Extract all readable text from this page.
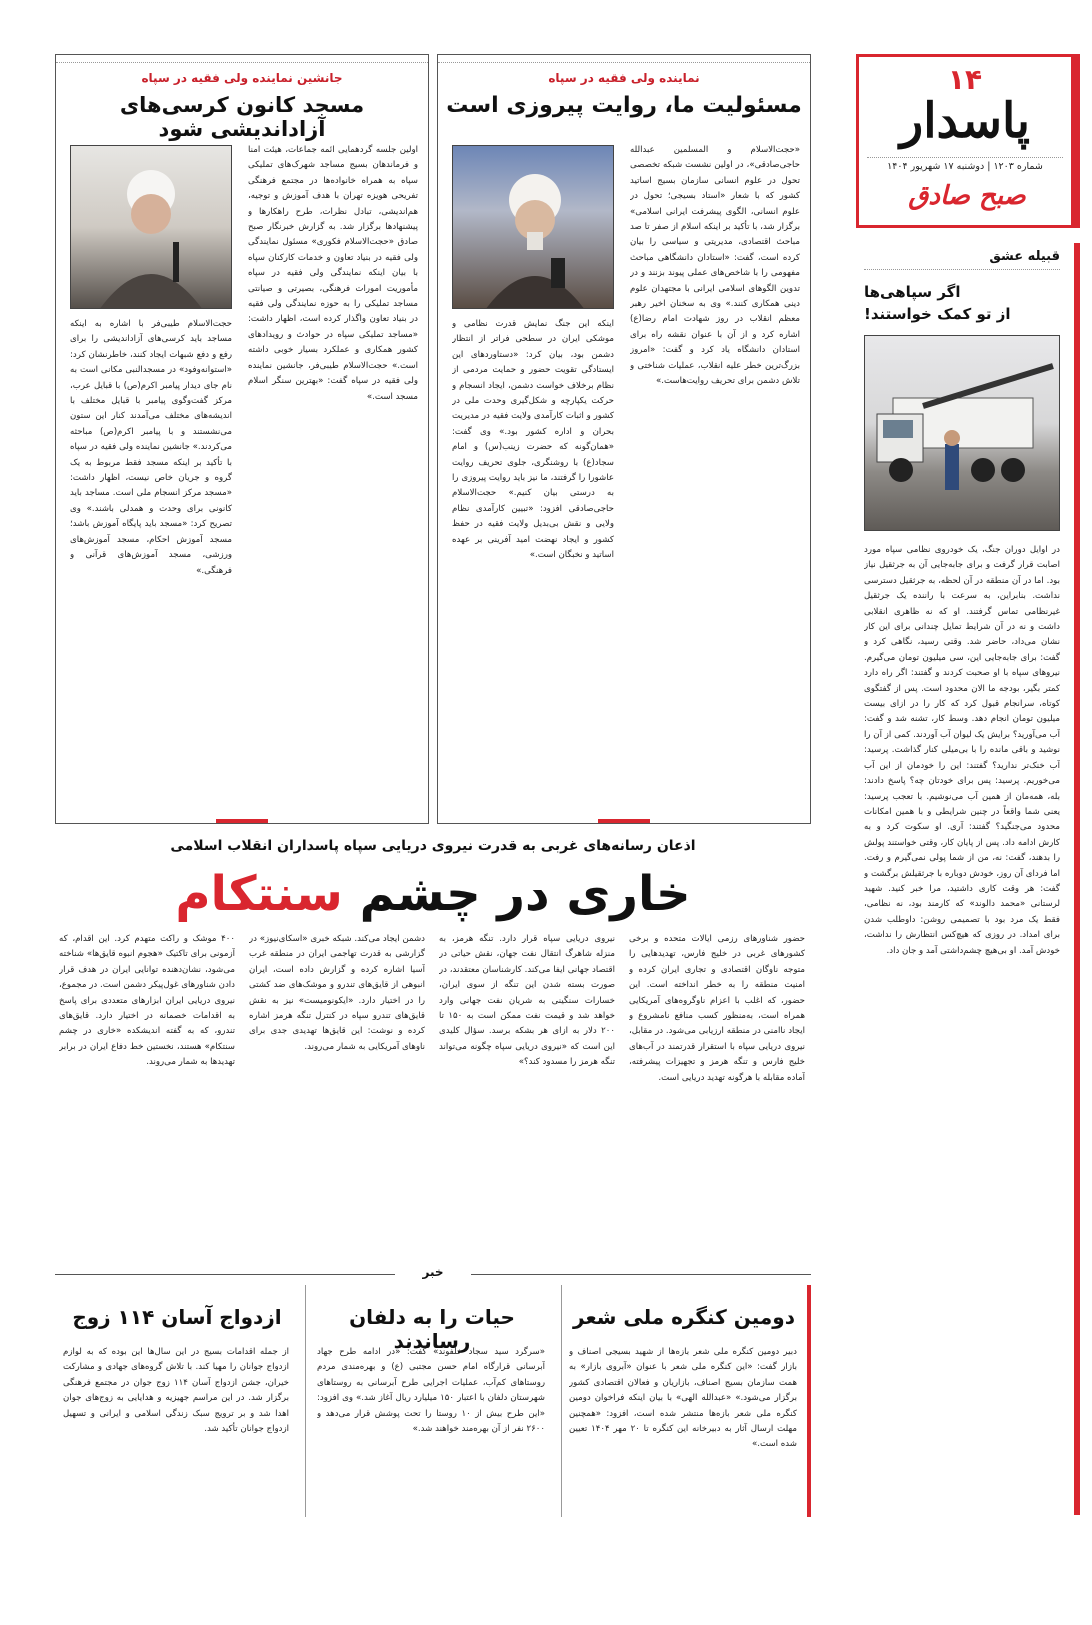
۱۴
پاسدار
شماره ۱۲۰۳ | دوشنبه ۱۷ شهریور ۱۴۰۴
صبح صادق
قبیله عشق
اگر سپاهی‌ها
از تو کمک خواستند!
در اوایل دوران جنگ، یک خودروی نظامی سپاه مورد اصابت قرار گرفت و برای جابه‌جایی آن به جرثقیل نیاز بود. اما در آن منطقه در آن لحظه، به جرثقیل دسترسی نداشت. بنابراین، به سرعت با راننده یک جرثقیل غیرنظامی تماس گرفتند. او که نه ظاهری انقلابی داشت و نه در آن شرایط تمایل چندانی برای این کار نشان می‌داد، حاضر شد. وقتی رسید، نگاهی کرد و گفت: برای جابه‌جایی این، سی میلیون تومان می‌گیرم. نیروهای سپاه با او صحبت کردند و گفتند: اگر راه دارد کمتر بگیر، بودجه ما الان محدود است. پس از گفتگوی کوتاه، سرانجام قبول کرد که کار را در ازای بیست میلیون تومان انجام دهد. وسط کار، تشنه شد و گفت: آب می‌آورید؟ برایش یک لیوان آب آوردند. کمی از آن را نوشید و باقی مانده را با بی‌میلی کنار گذاشت. پرسید: آب خنک‌تر ندارید؟ گفتند: این را خودمان از این آب می‌خوریم. پرسید: پس برای خودتان چه؟ پاسخ دادند: بله، همه‌مان از همین آب می‌نوشیم. با تعجب پرسید: یعنی شما واقعاً در چنین شرایطی و با همین امکانات محدود می‌جنگید؟ گفتند: آری. او سکوت کرد و به کارش ادامه داد. پس از پایان کار، وقتی خواستند پولش را بدهند، گفت: نه، من از شما پولی نمی‌گیرم و رفت. اما فردای آن روز، خودش دوباره با جرثقیلش برگشت و گفت: هر وقت کاری داشتید، مرا خبر کنید. شهید لرستانی «محمد دالوند» که کارمند بود، نه نظامی، فقط یک مرد بود با تصمیمی روشن: داوطلب شدن برای امداد. در روزی که هیچ‌کس انتظارش را نداشت، خودش آمد. او بی‌هیچ چشم‌داشتی آمد و جان داد.
نماینده ولی فقیه در سپاه
مسئولیت ما، روایت پیروزی است
«حجت‌الاسلام و المسلمین عبدالله حاجی‌صادقی»، در اولین نشست شبکه تخصصی تحول در علوم انسانی سازمان بسیج اساتید کشور که با شعار «استاد بسیجی؛ تحول در علوم انسانی، الگوی پیشرفت ایرانی اسلامی» برگزار شد، با تأکید بر اینکه اسلام از صفر تا صد مباحث اقتصادی، مدیریتی و سیاسی را بیان کرده است، گفت: «استادان دانشگاهی مباحث مفهومی را با شاخص‌های عملی پیوند بزنند و در تدوین الگوهای اسلامی ایرانی با مجتهدان علوم دینی همکاری کنند.» وی به سخنان اخیر رهبر معظم انقلاب در روز شهادت امام رضا(ع) اشاره کرد و از آن با عنوان نقشه راه برای استادان دانشگاه یاد کرد و گفت: «امروز بزرگ‌ترین خطر علیه انقلاب، عملیات شناختی و تلاش دشمن برای تحریف روایت‌هاست.»
اینکه این جنگ نمایش قدرت نظامی و موشکی ایران در سطحی فراتر از انتظار دشمن بود، بیان کرد: «دستاوردهای این ایستادگی تقویت حضور و حمایت مردمی از نظام برخلاف خواست دشمن، ایجاد انسجام و حرکت یکپارچه و شکل‌گیری وحدت ملی در کشور و اثبات کارآمدی ولایت فقیه در مدیریت بحران و اداره کشور بود.» وی گفت: «همان‌گونه که حضرت زینب(س) و امام سجاد(ع) با روشنگری، جلوی تحریف روایت عاشورا را گرفتند، ما نیز باید روایت پیروزی را به درستی بیان کنیم.» حجت‌الاسلام حاجی‌صادقی افزود: «تبیین کارآمدی نظام ولایی و نقش بی‌بدیل ولایت فقیه در حفظ کشور و ایجاد نهضت امید آفرینی بر عهده اساتید و نخبگان است.»
جانشین نماینده ولی فقیه در سپاه
مسجد کانون کرسی‌های آزاداندیشی شود
اولین جلسه گردهمایی ائمه جماعات، هیئت امنا و فرماندهان بسیج مساجد شهرک‌های تملیکی سپاه به همراه خانواده‌ها در مجتمع فرهنگی تفریحی هویزه تهران با هدف آموزش و توجیه، هم‌اندیشی، تبادل نظرات، طرح راهکارها و پیشنهادها برگزار شد. به گزارش خبرنگار صبح صادق «حجت‌الاسلام فکوری» مسئول نمایندگی ولی فقیه در بنیاد تعاون و خدمات کارکنان سپاه با بیان اینکه نمایندگی ولی فقیه در سپاه مأموریت امورات فرهنگی، بصیرتی و صیانتی مساجد تملیکی را به حوزه نمایندگی ولی فقیه در بنیاد تعاون واگذار کرده است، اظهار داشت: «مساجد تملیکی سپاه در حوادث و رویدادهای کشور همکاری و عملکرد بسیار خوبی داشته است.» حجت‌الاسلام طیبی‌فر، جانشین نماینده ولی فقیه در سپاه گفت: «بهترین سنگر اسلام مسجد است.»
حجت‌الاسلام طیبی‌فر با اشاره به اینکه مساجد باید کرسی‌های آزاداندیشی را برای رفع و دفع شبهات ایجاد کنند، خاطرنشان کرد: «استوانه‌وفود» در مسجدالنبی مکانی است به نام جای دیدار پیامبر اکرم(ص) با قبایل عرب، مرکز گفت‌وگوی پیامبر با قبایل مختلف با اندیشه‌های مختلف می‌آمدند کنار این ستون می‌نشستند و با پیامبر اکرم(ص) مباحثه می‌کردند.» جانشین نماینده ولی فقیه در سپاه با تأکید بر اینکه مسجد فقط مربوط به یک گروه و جریان خاص نیست، اظهار داشت: «مسجد مرکز انسجام ملی است. مساجد باید کانونی برای وحدت و همدلی باشند.» وی تصریح کرد: «مسجد باید پایگاه آموزش باشد؛ مسجد آموزش احکام، مسجد آموزش‌های ورزشی، مسجد آموزش‌های قرآنی و فرهنگی.»
اذعان رسانه‌های غربی به قدرت نیروی دریایی سپاه پاسداران انقلاب اسلامی
خاری در چشم سنتکام
حضور شناورهای رزمی ایالات متحده و برخی کشورهای غربی در خلیج فارس، تهدیدهایی را متوجه ناوگان اقتصادی و تجاری ایران کرده و امنیت منطقه را به خطر انداخته است. این حضور، که اغلب با اعزام ناوگروه‌های آمریکایی همراه است، به‌منظور کسب منافع نامشروع و ایجاد ناامنی در منطقه ارزیابی می‌شود. در مقابل، نیروی دریایی سپاه با استقرار قدرتمند در آب‌های خلیج فارس و تنگه هرمز و تجهیزات پیشرفته، آماده مقابله با هرگونه تهدید دریایی است.
نیروی دریایی سپاه قرار دارد. تنگه هرمز، به منزله شاهرگ انتقال نفت جهان، نقش حیاتی در اقتصاد جهانی ایفا می‌کند. کارشناسان معتقدند، در صورت بسته شدن این تنگه از سوی ایران، خسارات سنگینی به شریان نفت جهانی وارد خواهد شد و قیمت نفت ممکن است به ۱۵۰ تا ۲۰۰ دلار به ازای هر بشکه برسد. سؤال کلیدی این است که «نیروی دریایی سپاه چگونه می‌تواند تنگه هرمز را مسدود کند؟»
دشمن ایجاد می‌کند. شبکه خبری «اسکای‌نیوز» در گزارشی به قدرت تهاجمی ایران در منطقه غرب آسیا اشاره کرده و گزارش داده است، ایران انبوهی از قایق‌های تندرو و موشک‌های ضد کشتی را در اختیار دارد. «ایکونومیست» نیز به نقش قایق‌های تندرو سپاه در کنترل تنگه هرمز اشاره کرده و نوشت: این قایق‌ها تهدیدی جدی برای ناوهای آمریکایی به شمار می‌روند.
۴۰۰ موشک و راکت متهدم کرد. این اقدام، که آزمونی برای تاکتیک «هجوم انبوه قایق‌ها» شناخته می‌شود، نشان‌دهنده توانایی ایران در هدف قرار دادن شناورهای غول‌پیکر دشمن است. در مجموع، نیروی دریایی ایران ابزارهای متعددی برای پاسخ به اقدامات خصمانه در اختیار دارد. قایق‌های تندرو، که به گفته اندیشکده «خاری در چشم سنتکام» هستند، نخستین خط دفاع ایران در برابر تهدیدها به شمار می‌روند.
خبر
دومین کنگره ملی شعر
دبیر دومین کنگره ملی شعر بازه‌ها از شهید بسیجی اصناف و بازار گفت: «این کنگره ملی شعر با عنوان «آبروی بازار» به همت سازمان بسیج اصناف، بازاریان و فعالان اقتصادی کشور برگزار می‌شود.» «عبدالله الهی» با بیان اینکه فراخوان دومین کنگره ملی شعر بازه‌ها منتشر شده است، افزود: «همچنین مهلت ارسال آثار به دبیرخانه این کنگره تا ۲۰ مهر ۱۴۰۴ تعیین شده است.»
حیات را به دلفان رساندند
«سرگرد سید سجاد خلفوند» گفت: «در ادامه طرح جهاد آبرسانی قرارگاه امام حسن مجتبی (ع) و بهره‌مندی مردم روستاهای کم‌آب، عملیات اجرایی طرح آبرسانی به روستاهای شهرستان دلفان با اعتبار ۱۵۰ میلیارد ریال آغاز شد.» وی افزود: «این طرح بیش از ۱۰ روستا را تحت پوشش قرار می‌دهد و ۲۶۰۰ نفر از آن بهره‌مند خواهند شد.»
ازدواج آسان ۱۱۴ زوج
از جمله اقدامات بسیج در این سال‌ها این بوده که به لوازم ازدواج جوانان را مهیا کند. با تلاش گروه‌های جهادی و مشارکت خیران، جشن ازدواج آسان ۱۱۴ زوج جوان در مجتمع فرهنگی برگزار شد. در این مراسم جهیزیه و هدایایی به زوج‌های جوان اهدا شد و بر ترویج سبک زندگی اسلامی و ایرانی و تسهیل ازدواج جوانان تأکید شد.
